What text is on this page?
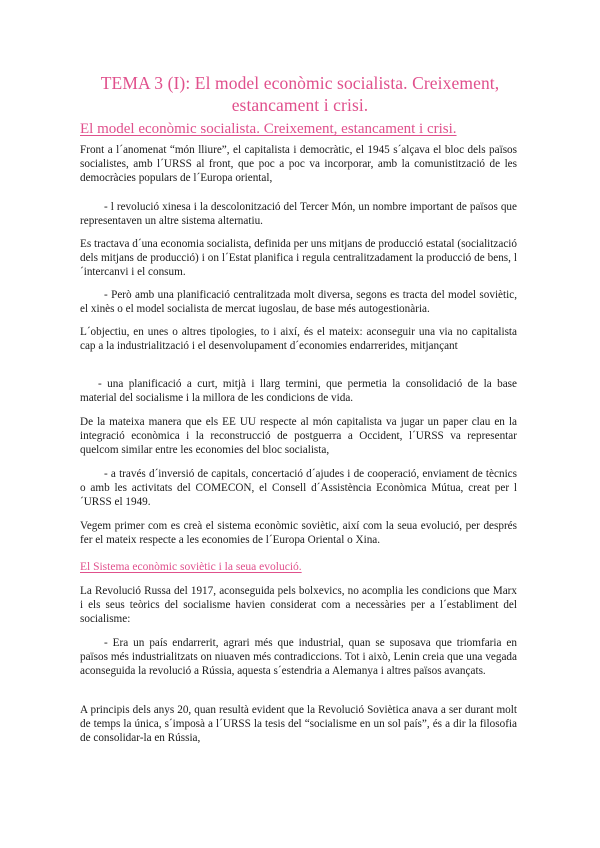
TEMA 3 (I): El model econòmic socialista. Creixement,
estancament i crisi.
El model econòmic socialista. Creixement, estancament i crisi.

Front a l´anomenat “món lliure”, el capitalista i democràtic, el 1945 s´alçava el bloc dels països socialistes, amb l´URSS al front, que poc a poc va incorporar, amb la comunistització de les democràcies populars de l´Europa oriental,

- l revolució xinesa i la descolonització del Tercer Món, un nombre important de països que representaven un altre sistema alternatiu.

Es tractava d´una economia socialista, definida per uns mitjans de producció estatal (socialització dels mitjans de producció) i on l´Estat planifica i regula centralitzadament la producció de bens, l´intercanvi i el consum.

- Però amb una planificació centralitzada molt diversa, segons es tracta del model soviètic, el xinès o el model socialista de mercat iugoslau, de base més autogestionària.

L´objectiu, en unes o altres tipologies, to i així, és el mateix: aconseguir una via no capitalista cap a la industrialització i el desenvolupament d´economies endarrerides, mitjançant

- una planificació a curt, mitjà i llarg termini, que permetia la consolidació de la base material del socialisme i la millora de les condicions de vida.

De la mateixa manera que els EE UU respecte al món capitalista va jugar un paper clau en la integració econòmica i la reconstrucció de postguerra a Occident, l´URSS va representar quelcom similar entre les economies del bloc socialista,

- a través d´inversió de capitals, concertació d´ajudes i de cooperació, enviament de tècnics o amb les activitats del COMECON, el Consell d´Assistència Econòmica Mútua, creat per l´URSS el 1949.

Vegem primer com es creà el sistema econòmic soviètic, així com la seua evolució, per després fer el mateix respecte a les economies de l´Europa Oriental o Xina.

El Sistema econòmic soviètic i la seua evolució.

La Revolució Russa del 1917, aconseguida pels bolxevics, no acomplia les condicions que Marx i els seus teòrics del socialisme havien considerat com a necessàries per a l´establiment del socialisme:

- Era un país endarrerit, agrari més que industrial, quan se suposava que triomfaria en països més industrialitzats on niuaven més contradiccions. Tot i això, Lenin creia que una vegada aconseguida la revolució a Rússia, aquesta s´estendria a Alemanya i altres països avançats.

A principis dels anys 20, quan resultà evident que la Revolució Soviètica anava a ser durant molt de temps la única, s´imposà a l´URSS la tesis del “socialisme en un sol país”, és a dir la filosofia de consolidar-la en Rússia,
